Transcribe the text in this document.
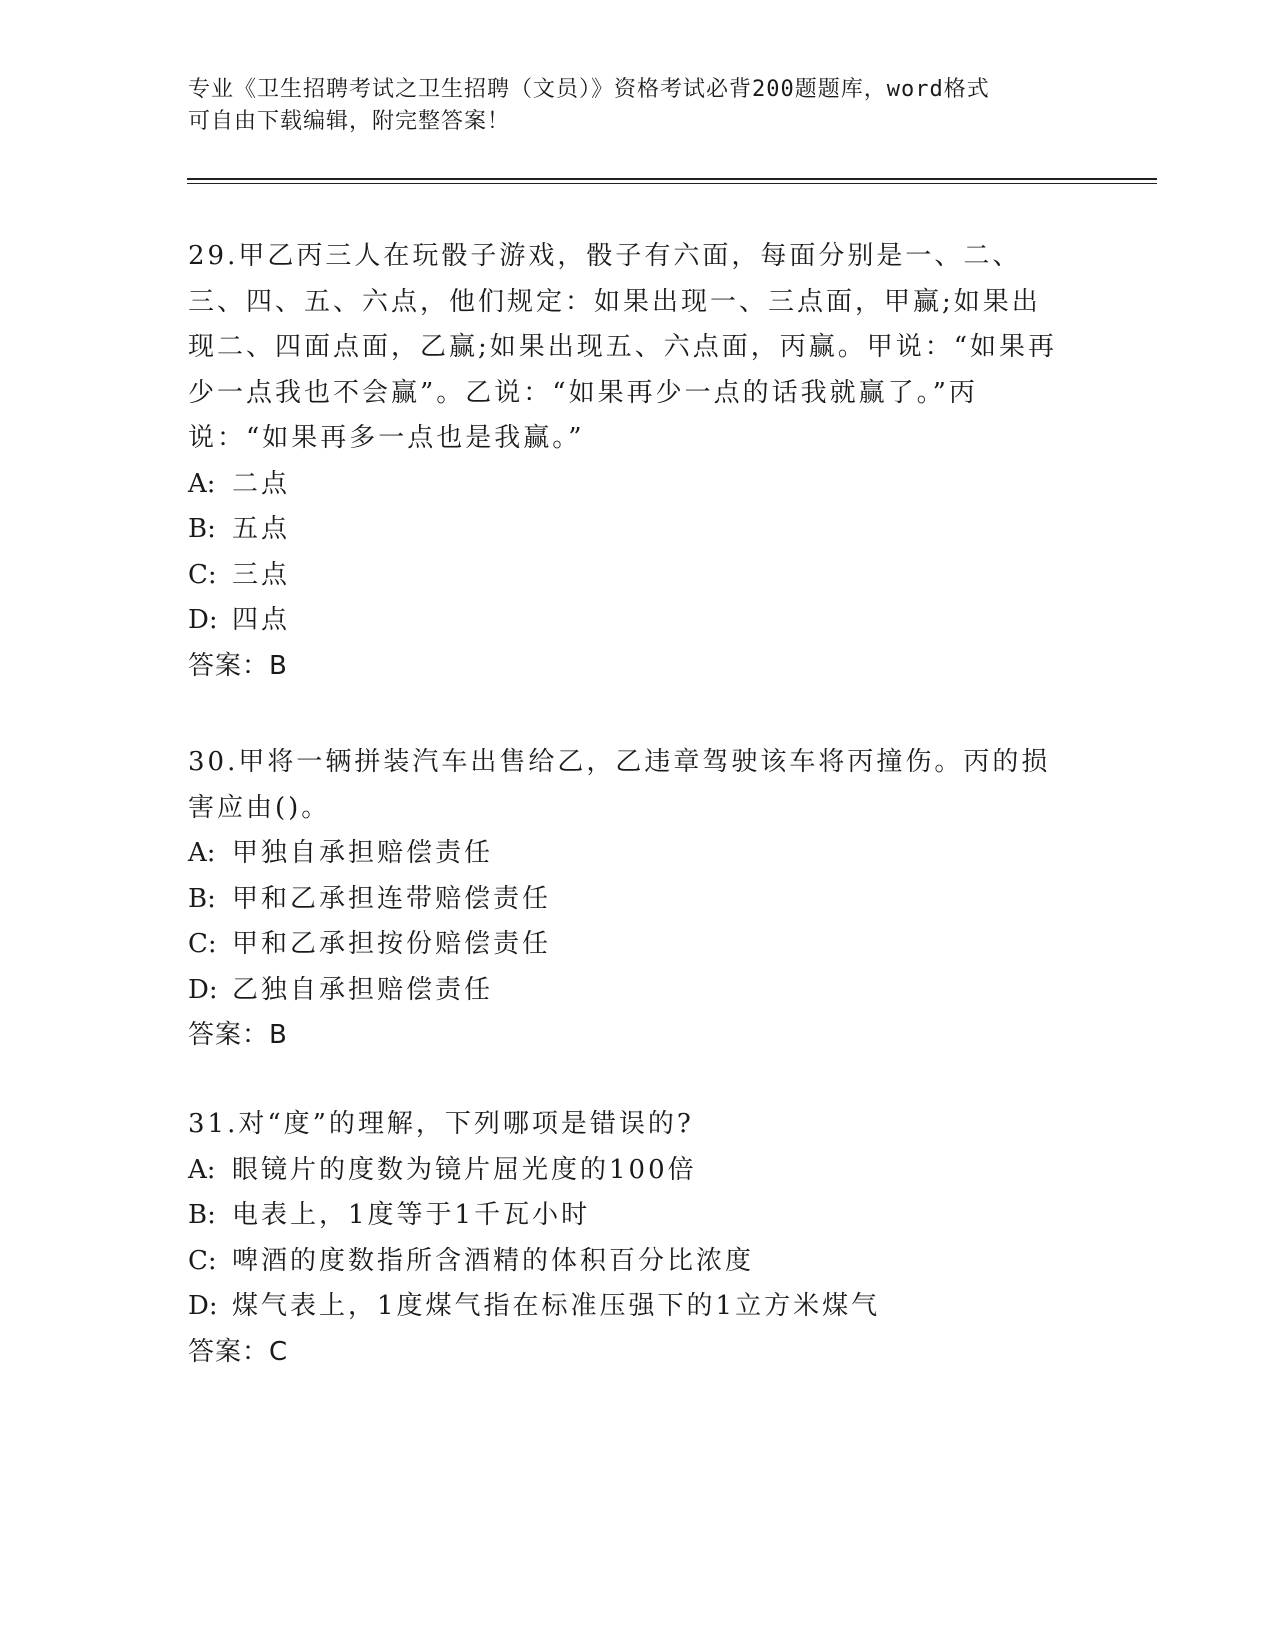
专业《卫生招聘考试之卫生招聘（文员）》资格考试必背200题题库，word格式
可自由下载编辑，附完整答案！

29.甲乙丙三人在玩骰子游戏，骰子有六面，每面分别是一、二、三、四、五、六点，他们规定：如果出现一、三点面，甲赢;如果出现二、四面点面，乙赢;如果出现五、六点面，丙赢。甲说：“如果再少一点我也不会赢”。乙说：“如果再少一点的话我就赢了。”丙说：“如果再多一点也是我赢。”

A: 二点

B: 五点

C: 三点

D: 四点

答案：B

30.甲将一辆拼装汽车出售给乙，乙违章驾驶该车将丙撞伤。丙的损害应由()。

A: 甲独自承担赔偿责任

B: 甲和乙承担连带赔偿责任

C: 甲和乙承担按份赔偿责任

D: 乙独自承担赔偿责任

答案：B

31.对“度”的理解，下列哪项是错误的?

A: 眼镜片的度数为镜片屈光度的100倍

B: 电表上，1度等于1千瓦小时

C: 啤酒的度数指所含酒精的体积百分比浓度

D: 煤气表上，1度煤气指在标准压强下的1立方米煤气

答案：C
